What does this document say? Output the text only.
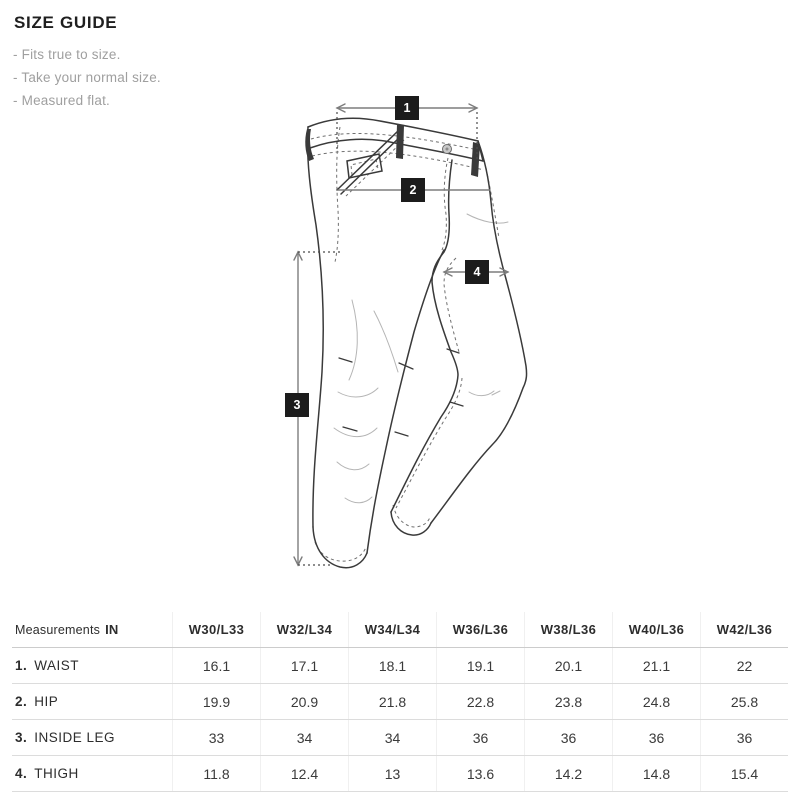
SIZE GUIDE
- Fits true to size.
- Take your normal size.
- Measured flat.	1
2
3
4
Measurements IN	W30/L33	W32/L34	W34/L34	W36/L36	W38/L36	W40/L36	W42/L36
1. WAIST	16.1	17.1	18.1	19.1	20.1	21.1	22
2. HIP	19.9	20.9	21.8	22.8	23.8	24.8	25.8
3. INSIDE LEG	33	34	34	36	36	36	36
4. THIGH	11.8	12.4	13	13.6	14.2	14.8	15.4
